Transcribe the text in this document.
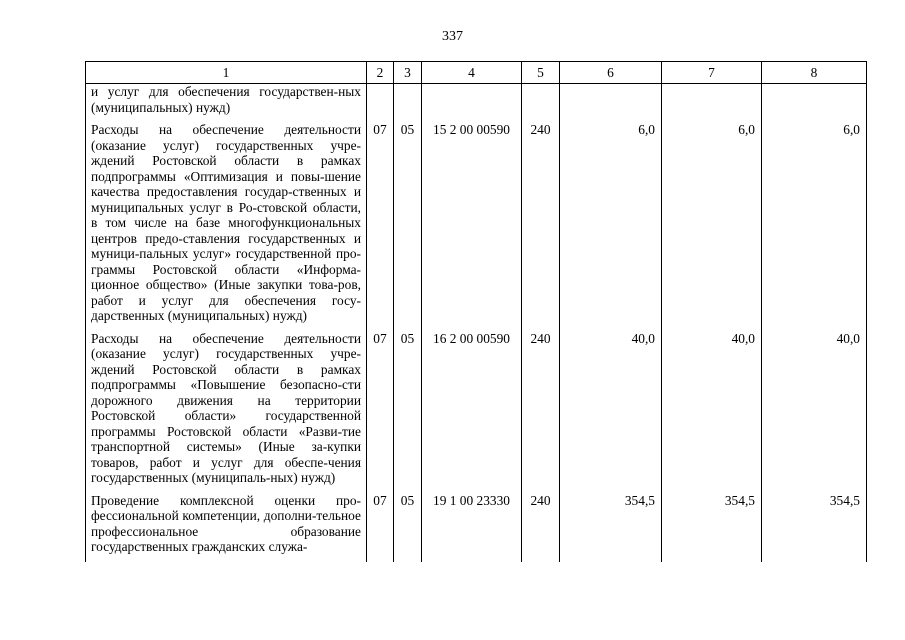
337
1	2	3	4	5	6	7	8
и услуг для обеспечения государствен-ных (муниципальных) нужд)							
Расходы на обеспечение деятельности (оказание услуг) государственных учре-ждений Ростовской области в рамках подпрограммы «Оптимизация и повы-шение качества предоставления государ-ственных и муниципальных услуг в Ро-стовской области, в том числе на базе многофункциональных центров предо-ставления государственных и муници-пальных услуг» государственной про-граммы Ростовской области «Информа-ционное общество» (Иные закупки това-ров, работ и услуг для обеспечения госу-дарственных (муниципальных) нужд)	07	05	15 2 00 00590	240	6,0	6,0	6,0
Расходы на обеспечение деятельности (оказание услуг) государственных учре-ждений Ростовской области в рамках подпрограммы «Повышение безопасно-сти дорожного движения на территории Ростовской области» государственной программы Ростовской области «Разви-тие транспортной системы» (Иные за-купки товаров, работ и услуг для обеспе-чения государственных (муниципаль-ных) нужд)	07	05	16 2 00 00590	240	40,0	40,0	40,0
Проведение комплексной оценки про-фессиональной компетенции, дополни-тельное профессиональное образование государственных гражданских служа-	07	05	19 1 00 23330	240	354,5	354,5	354,5
